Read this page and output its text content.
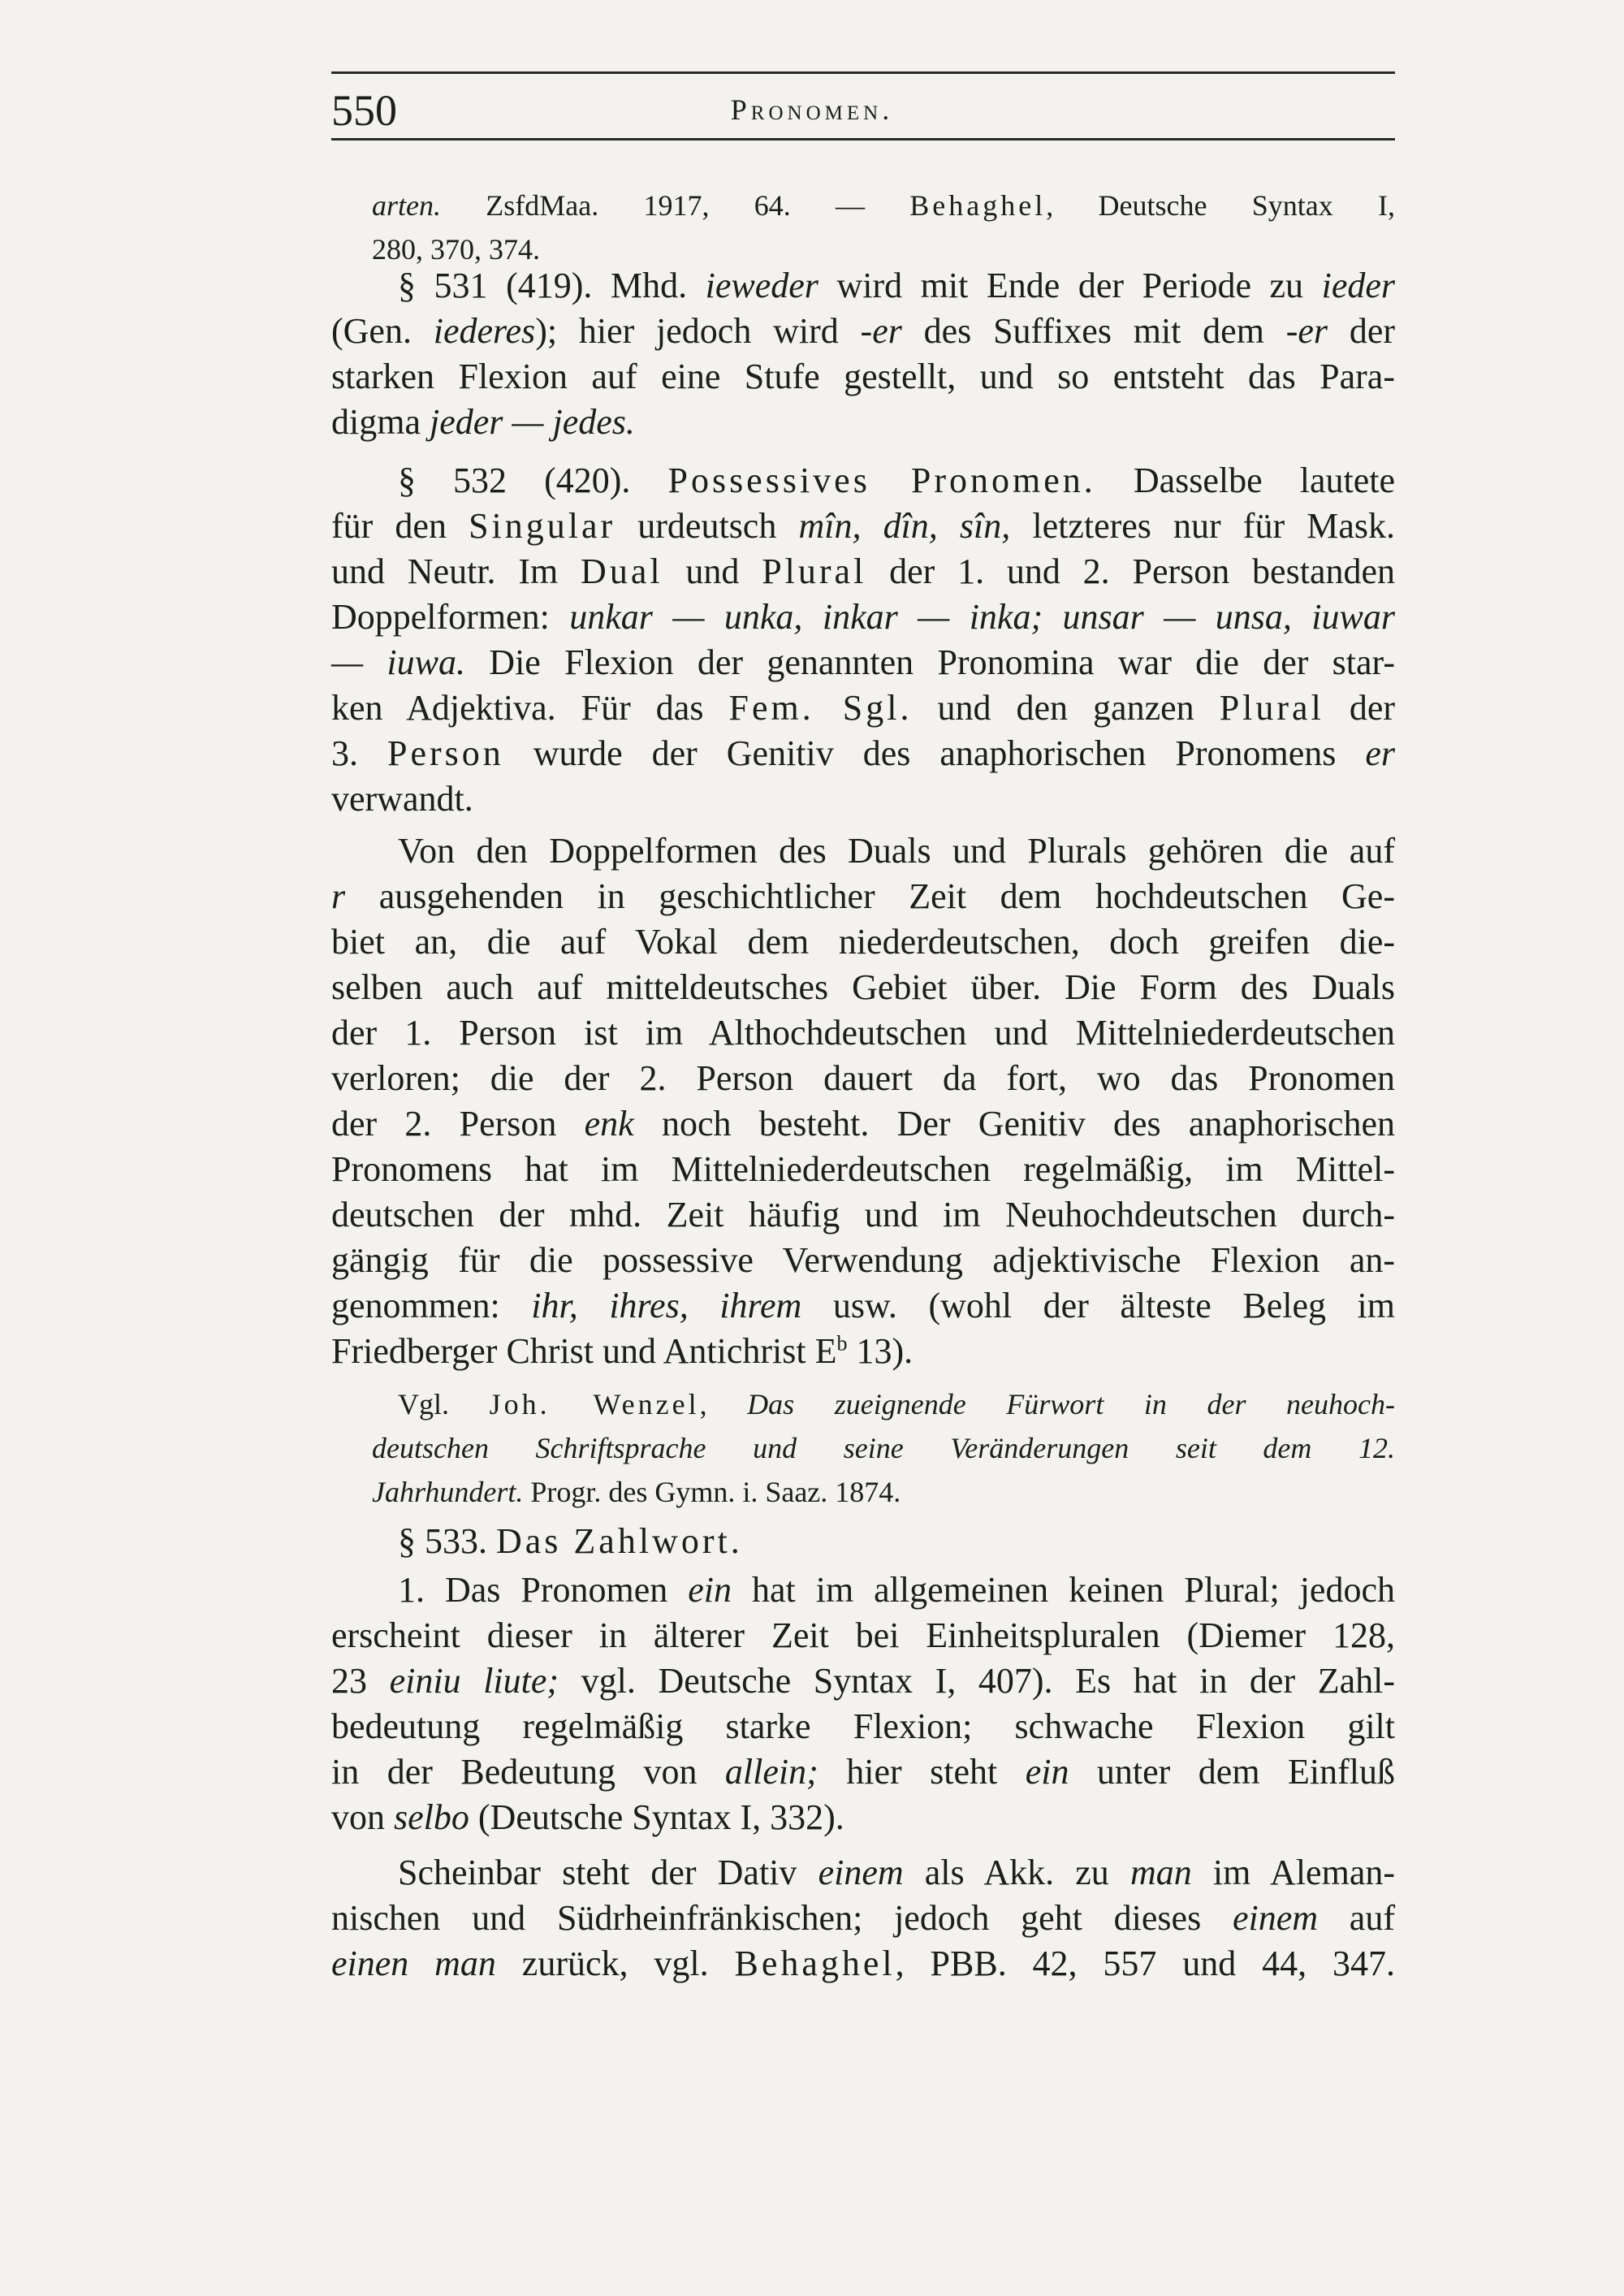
550	Pronomen.
arten. ZsfdMaa. 1917, 64. — Behaghel, Deutsche Syntax I,
280, 370, 374.
§ 531 (419). Mhd. ieweder wird mit Ende der Periode zu ieder
(Gen. iederes); hier jedoch wird -er des Suffixes mit dem -er der
starken Flexion auf eine Stufe gestellt, und so entsteht das Para-
digma jeder — jedes.
§ 532 (420). Possessives Pronomen. Dasselbe lautete
für den Singular urdeutsch mîn, dîn, sîn, letzteres nur für Mask.
und Neutr. Im Dual und Plural der 1. und 2. Person bestanden
Doppelformen: unkar — unka, inkar — inka; unsar — unsa, iuwar
— iuwa. Die Flexion der genannten Pronomina war die der star-
ken Adjektiva. Für das Fem. Sgl. und den ganzen Plural der
3. Person wurde der Genitiv des anaphorischen Pronomens er
verwandt.
Von den Doppelformen des Duals und Plurals gehören die auf
r ausgehenden in geschichtlicher Zeit dem hochdeutschen Ge-
biet an, die auf Vokal dem niederdeutschen, doch greifen die-
selben auch auf mitteldeutsches Gebiet über. Die Form des Duals
der 1. Person ist im Althochdeutschen und Mittelniederdeutschen
verloren; die der 2. Person dauert da fort, wo das Pronomen
der 2. Person enk noch besteht. Der Genitiv des anaphorischen
Pronomens hat im Mittelniederdeutschen regelmäßig, im Mittel-
deutschen der mhd. Zeit häufig und im Neuhochdeutschen durch-
gängig für die possessive Verwendung adjektivische Flexion an-
genommen: ihr, ihres, ihrem usw. (wohl der älteste Beleg im
Friedberger Christ und Antichrist $E^b$ 13).
Vgl. Joh. Wenzel, Das zueignende Fürwort in der neuhoch-
deutschen Schriftsprache und seine Veränderungen seit dem 12.
Jahrhundert. Progr. des Gymn. i. Saaz. 1874.
§ 533. Das Zahlwort.
1. Das Pronomen ein hat im allgemeinen keinen Plural; jedoch
erscheint dieser in älterer Zeit bei Einheitspluralen (Diemer 128,
23 einiu liute; vgl. Deutsche Syntax I, 407). Es hat in der Zahl-
bedeutung regelmäßig starke Flexion; schwache Flexion gilt
in der Bedeutung von allein; hier steht ein unter dem Einfluß
von selbo (Deutsche Syntax I, 332).
Scheinbar steht der Dativ einem als Akk. zu man im Aleman-
nischen und Südrheinfränkischen; jedoch geht dieses einem auf
einen man zurück, vgl. Behaghel, PBB. 42, 557 und 44, 347.
